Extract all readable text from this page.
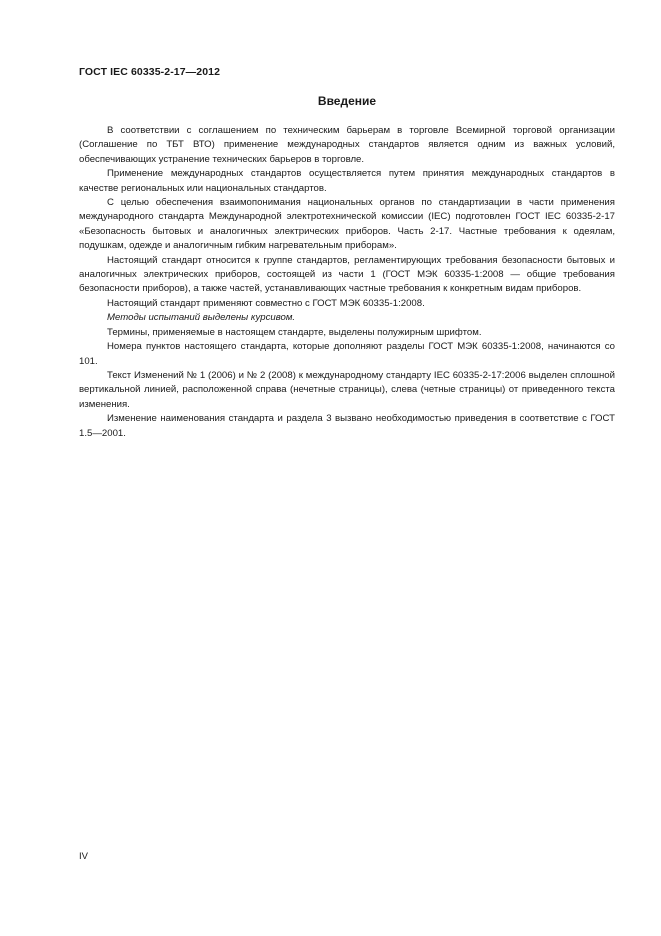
ГОСТ IEC 60335-2-17—2012
Введение

В соответствии с соглашением по техническим барьерам в торговле Всемирной торговой организации (Соглашение по ТБТ ВТО) применение международных стандартов является одним из важных условий, обеспечивающих устранение технических барьеров в торговле.

Применение международных стандартов осуществляется путем принятия международных стандартов в качестве региональных или национальных стандартов.

С целью обеспечения взаимопонимания национальных органов по стандартизации в части применения международного стандарта Международной электротехнической комиссии (IEC) подготовлен ГОСТ IEC 60335-2-17 «Безопасность бытовых и аналогичных электрических приборов. Часть 2-17. Частные требования к одеялам, подушкам, одежде и аналогичным гибким нагревательным приборам».

Настоящий стандарт относится к группе стандартов, регламентирующих требования безопасности бытовых и аналогичных электрических приборов, состоящей из части 1 (ГОСТ МЭК 60335-1:2008 — общие требования безопасности приборов), а также частей, устанавливающих частные требования к конкретным видам приборов.

Настоящий стандарт применяют совместно с ГОСТ МЭК 60335-1:2008.

Методы испытаний выделены курсивом.

Термины, применяемые в настоящем стандарте, выделены полужирным шрифтом.

Номера пунктов настоящего стандарта, которые дополняют разделы ГОСТ МЭК 60335-1:2008, начинаются со 101.

Текст Изменений № 1 (2006) и № 2 (2008) к международному стандарту IEC 60335-2-17:2006 выделен сплошной вертикальной линией, расположенной справа (нечетные страницы), слева (четные страницы) от приведенного текста изменения.

Изменение наименования стандарта и раздела 3 вызвано необходимостью приведения в соответствие с ГОСТ 1.5—2001.

IV
